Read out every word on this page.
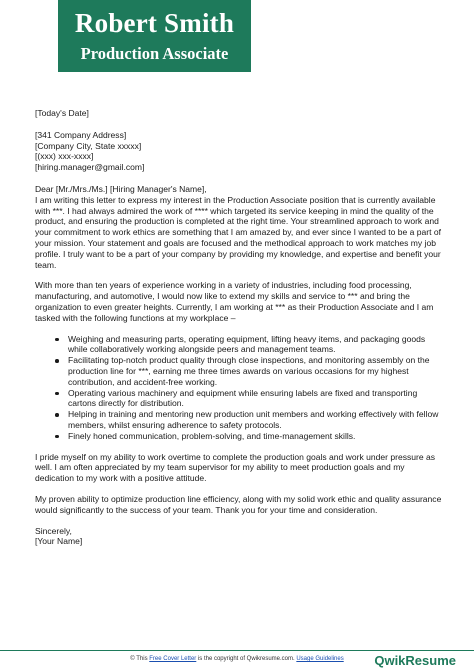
Robert Smith
Production Associate

[Today's Date]

[341 Company Address]

[Company City, State xxxxx]

[(xxx) xxx-xxxx]

[hiring.manager@gmail.com]

Dear [Mr./Mrs./Ms.] [Hiring Manager's Name],

I am writing this letter to express my interest in the Production Associate position that is currently available with ***. I had always admired the work of **** which targeted its service keeping in mind the quality of the product, and ensuring the production is completed at the right time. Your streamlined approach to work and your commitment to work ethics are something that I am amazed by, and ever since I wanted to be a part of your mission. Your statement and goals are focused and the methodical approach to work matches my job profile. I truly want to be a part of your company by providing my knowledge, and expertise and benefit your team.

With more than ten years of experience working in a variety of industries, including food processing, manufacturing, and automotive, I would now like to extend my skills and service to *** and bring the organization to even greater heights. Currently, I am working at *** as their Production Associate and I am tasked with the following functions at my workplace –

Weighing and measuring parts, operating equipment, lifting heavy items, and packaging goods while collaboratively working alongside peers and management teams.
Facilitating top-notch product quality through close inspections, and monitoring assembly on the production line for ***, earning me three times awards on various occasions for my highest contribution, and accident-free working.
Operating various machinery and equipment while ensuring labels are fixed and transporting cartons directly for distribution.
Helping in training and mentoring new production unit members and working effectively with fellow members, whilst ensuring adherence to safety protocols.
Finely honed communication, problem-solving, and time-management skills.

I pride myself on my ability to work overtime to complete the production goals and work under pressure as well. I am often appreciated by my team supervisor for my ability to meet production goals and my dedication to my work with a positive attitude.

My proven ability to optimize production line efficiency, along with my solid work ethic and quality assurance would significantly to the success of your team. Thank you for your time and consideration.

Sincerely,

[Your Name]

© This Free Cover Letter is the copyright of Qwikresume.com. Usage Guidelines	QwikResume
